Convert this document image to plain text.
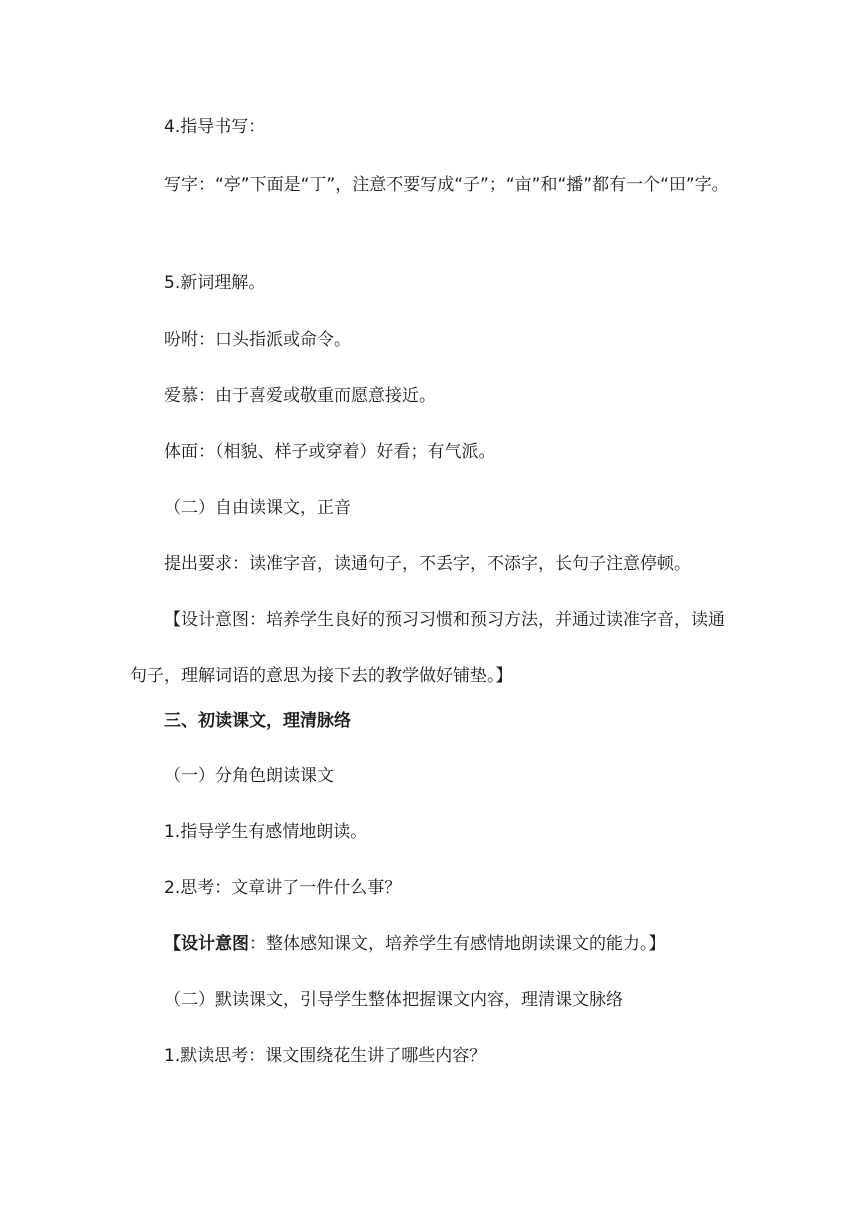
4.指导书写：

写字：“亭”下面是“丁”，注意不要写成“子”；“亩”和“播”都有一个“田”字。

5.新词理解。

吩咐：口头指派或命令。

爱慕：由于喜爱或敬重而愿意接近。

体面：（相貌、样子或穿着）好看；有气派。

（二）自由读课文，正音

提出要求：读准字音，读通句子，不丢字，不添字，长句子注意停顿。

【设计意图：培养学生良好的预习习惯和预习方法，并通过读准字音，读通句子，理解词语的意思为接下去的教学做好铺垫。】

三、初读课文，理清脉络

（一）分角色朗读课文

1.指导学生有感情地朗读。

2.思考：文章讲了一件什么事？

【设计意图：整体感知课文，培养学生有感情地朗读课文的能力。】

（二）默读课文，引导学生整体把握课文内容，理清课文脉络

1.默读思考：课文围绕花生讲了哪些内容？
